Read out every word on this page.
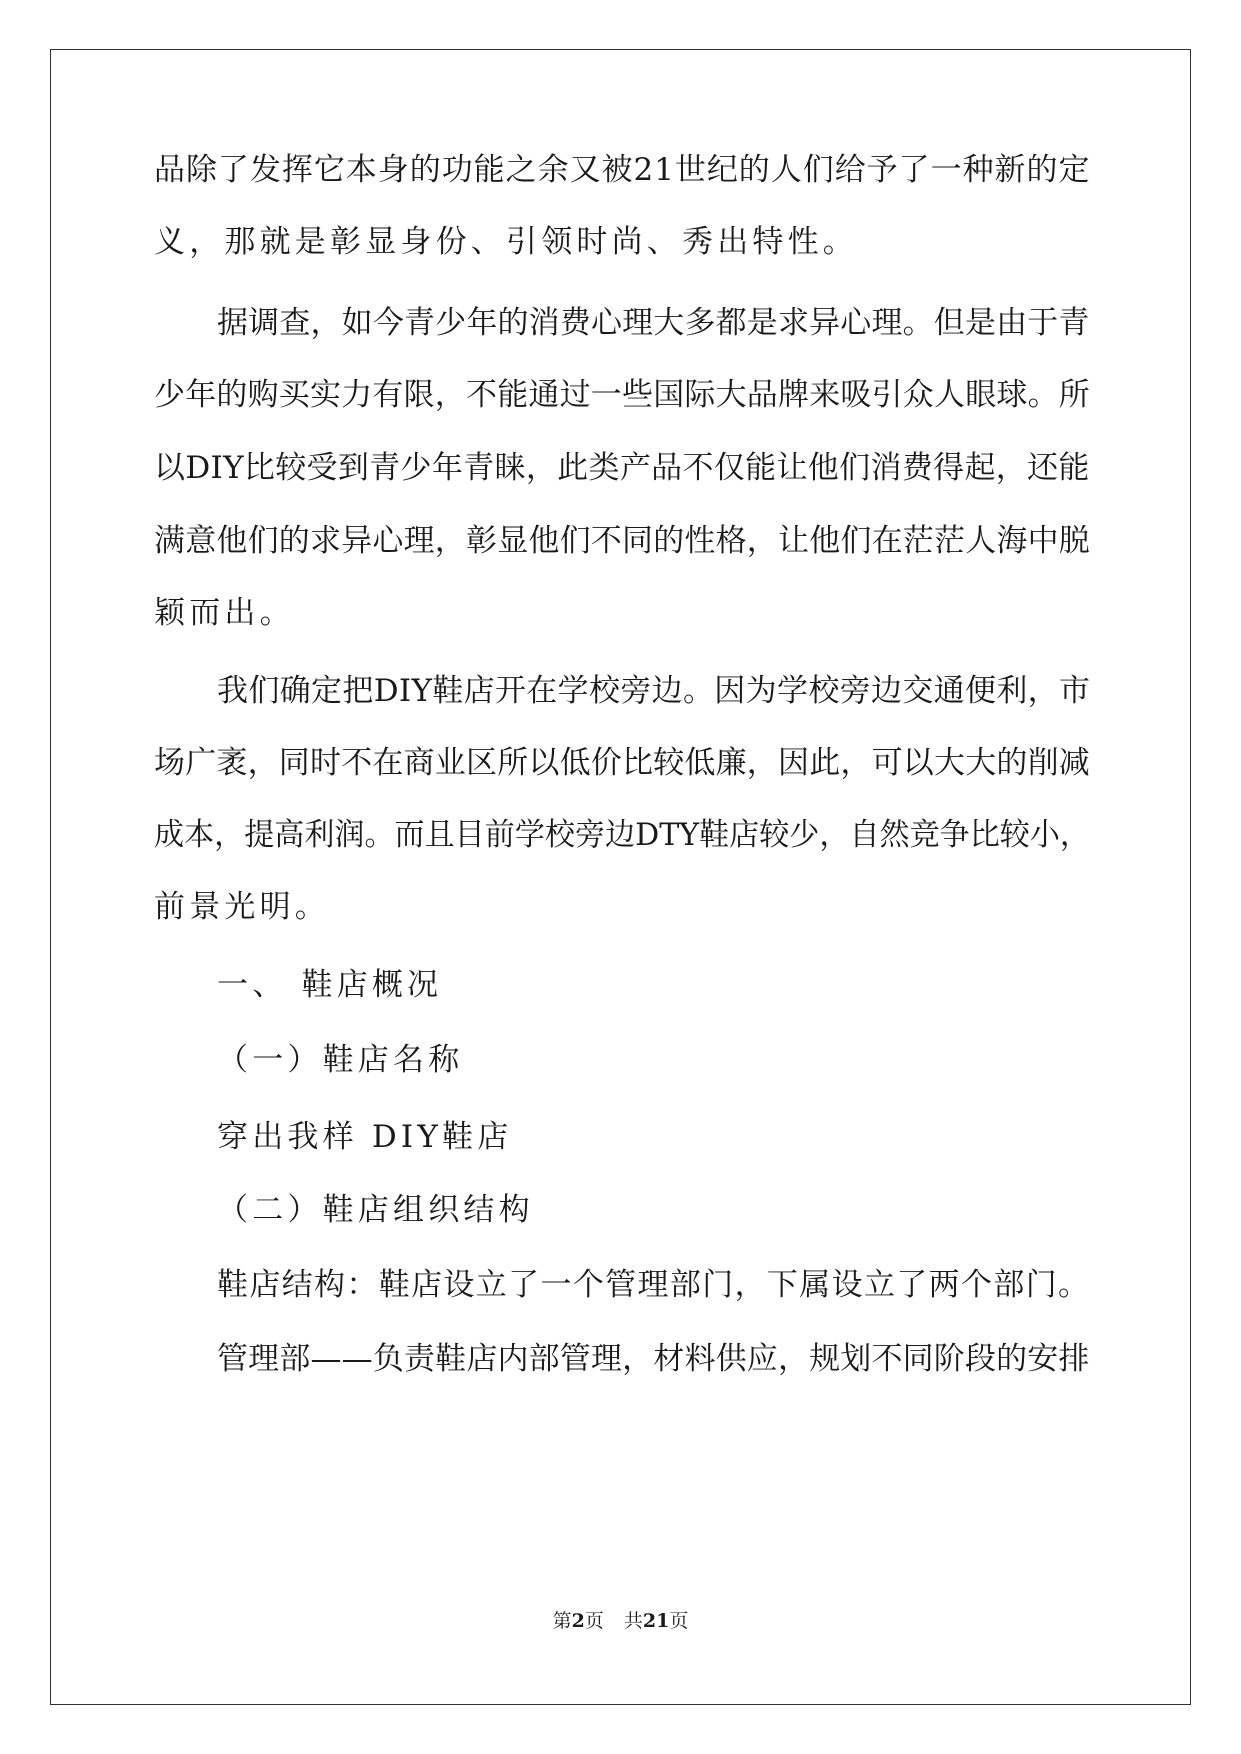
品除了发挥它本身的功能之余又被21世纪的人们给予了一种新的定
义，那就是彰显身份、引领时尚、秀出特性。
据调查，如今青少年的消费心理大多都是求异心理。但是由于青
少年的购买实力有限，不能通过一些国际大品牌来吸引众人眼球。所
以DIY比较受到青少年青睐，此类产品不仅能让他们消费得起，还能
满意他们的求异心理，彰显他们不同的性格，让他们在茫茫人海中脱
颖而出。
我们确定把DIY鞋店开在学校旁边。因为学校旁边交通便利，市
场广袤，同时不在商业区所以低价比较低廉，因此，可以大大的削减
成本，提高利润。而且目前学校旁边DTY鞋店较少，自然竞争比较小，
前景光明。
一、 鞋店概况
（一）鞋店名称
穿出我样 DIY鞋店
（二）鞋店组织结构
鞋店结构：鞋店设立了一个管理部门，下属设立了两个部门。
管理部——负责鞋店内部管理，材料供应，规划不同阶段的安排
第2页 共21页
